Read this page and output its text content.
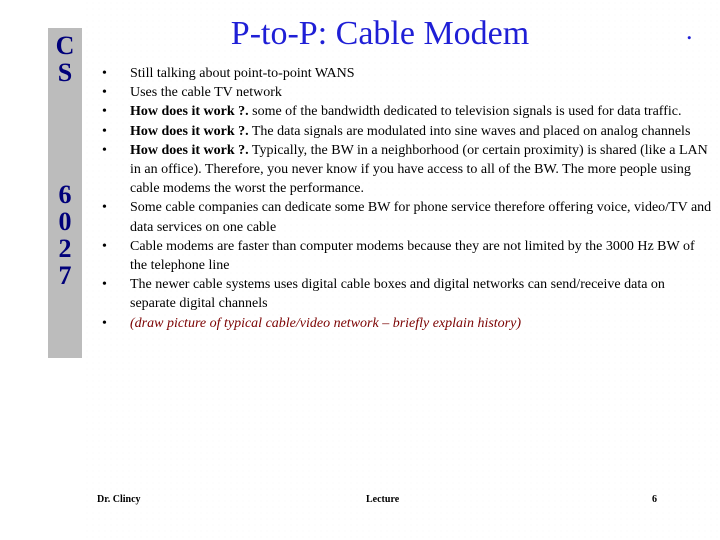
C
S
6
0
2
7
P-to-P: Cable Modem	.
•	Still talking about point-to-point WANS
•	Uses the cable TV network
•	How does it work ?. some of the bandwidth dedicated to television signals is used for data traffic.
•	How does it work ?. The data signals are modulated into sine waves and placed on analog channels
•	How does it work ?. Typically, the BW in a neighborhood (or certain proximity) is shared (like a LAN in an office). Therefore, you never know if you have access to all of the BW. The more people using cable modems the worst the performance.
•	Some cable companies can dedicate some BW for phone service therefore offering voice, video/TV and data services on one cable
•	Cable modems are faster than computer modems because they are not limited by the 3000 Hz BW of the telephone line
•	The newer cable systems uses digital cable boxes and digital networks can send/receive data on separate digital channels
•	(draw picture of typical cable/video network – briefly explain history)
Dr. Clincy	Lecture	6
